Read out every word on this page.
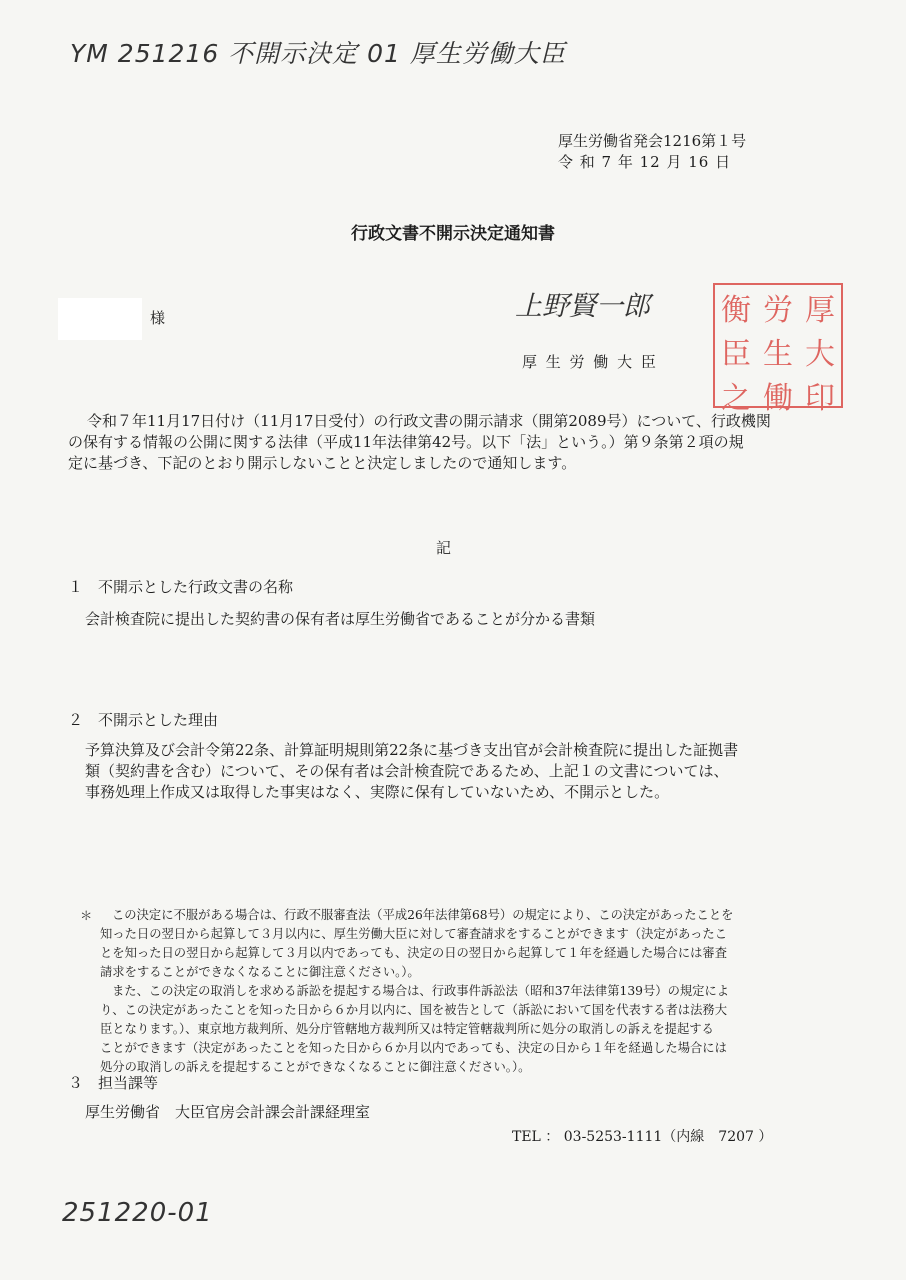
YM 251216 不開示決定 01 厚生労働大臣
厚生労働省発会1216第１号
令 和 7 年 12 月 16 日
行政文書不開示決定通知書
様	上野賢一郎 衡 労 厚
臣 生 大
之 働 印
厚 生 労 働 大 臣
令和７年11月17日付け（11月17日受付）の行政文書の開示請求（開第2089号）について、行政機関
の保有する情報の公開に関する法律（平成11年法律第42号。以下「法」という。）第９条第２項の規
定に基づき、下記のとおり開示しないことと決定しましたので通知します。
記
１　不開示とした行政文書の名称
会計検査院に提出した契約書の保有者は厚生労働省であることが分かる書類
２　不開示とした理由
予算決算及び会計令第22条、計算証明規則第22条に基づき支出官が会計検査院に提出した証拠書
類（契約書を含む）について、その保有者は会計検査院であるため、上記１の文書については、
事務処理上作成又は取得した事実はなく、実際に保有していないため、不開示とした。
＊ この決定に不服がある場合は、行政不服審査法（平成26年法律第68号）の規定により、この決定があったことを
知った日の翌日から起算して３月以内に、厚生労働大臣に対して審査請求をすることができます（決定があったこ
とを知った日の翌日から起算して３月以内であっても、決定の日の翌日から起算して１年を経過した場合には審査
請求をすることができなくなることに御注意ください。）。
また、この決定の取消しを求める訴訟を提起する場合は、行政事件訴訟法（昭和37年法律第139号）の規定によ
り、この決定があったことを知った日から６か月以内に、国を被告として（訴訟において国を代表する者は法務大
臣となります。）、東京地方裁判所、処分庁管轄地方裁判所又は特定管轄裁判所に処分の取消しの訴えを提起する
ことができます（決定があったことを知った日から６か月以内であっても、決定の日から１年を経過した場合には
処分の取消しの訴えを提起することができなくなることに御注意ください。）。
３　担当課等
厚生労働省　大臣官房会計課会計課経理室
TEL ： 03-5253-1111（内線　7207 ）
251220-01
